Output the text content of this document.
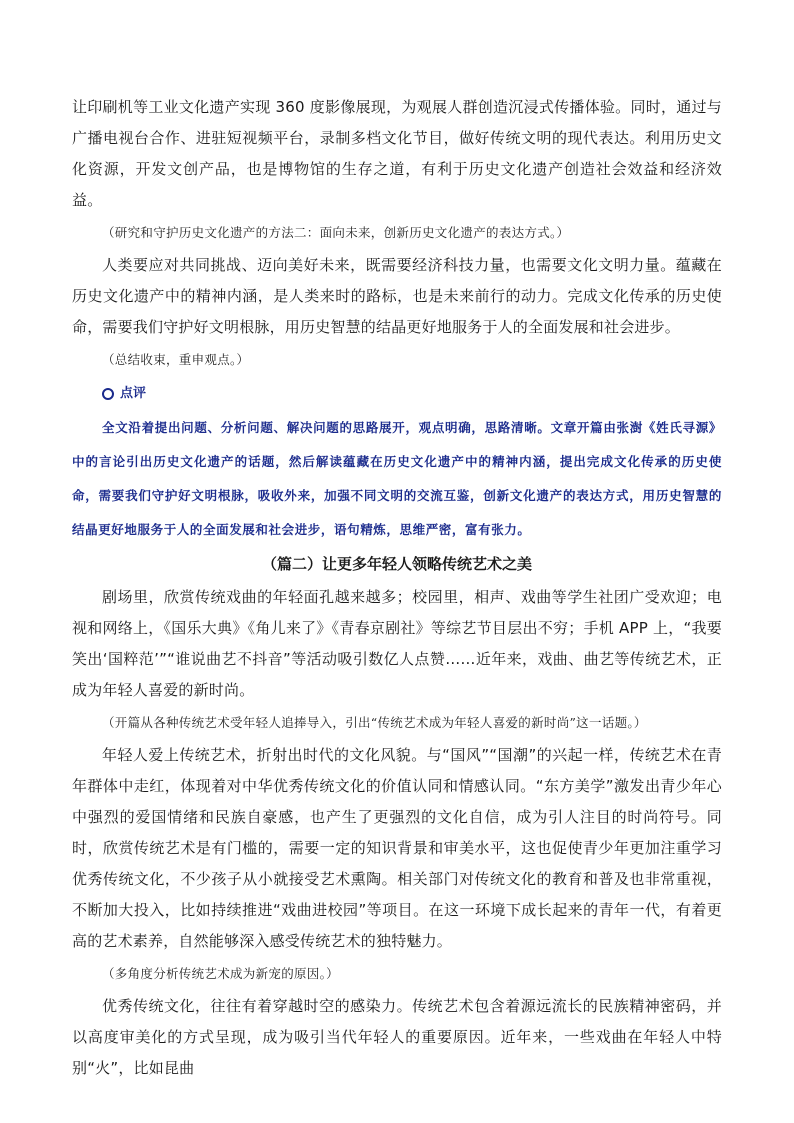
让印刷机等工业文化遗产实现 360 度影像展现，为观展人群创造沉浸式传播体验。同时，通过与广播电视台合作、进驻短视频平台，录制多档文化节目，做好传统文明的现代表达。利用历史文化资源，开发文创产品，也是博物馆的生存之道，有利于历史文化遗产创造社会效益和经济效益。

（研究和守护历史文化遗产的方法二：面向未来，创新历史文化遗产的表达方式。）

人类要应对共同挑战、迈向美好未来，既需要经济科技力量，也需要文化文明力量。蕴藏在历史文化遗产中的精神内涵，是人类来时的路标，也是未来前行的动力。完成文化传承的历史使命，需要我们守护好文明根脉，用历史智慧的结晶更好地服务于人的全面发展和社会进步。

（总结收束，重申观点。）

点评

全文沿着提出问题、分析问题、解决问题的思路展开，观点明确，思路清晰。文章开篇由张澍《姓氏寻源》中的言论引出历史文化遗产的话题，然后解读蕴藏在历史文化遗产中的精神内涵，提出完成文化传承的历史使命，需要我们守护好文明根脉，吸收外来，加强不同文明的交流互鉴，创新文化遗产的表达方式，用历史智慧的结晶更好地服务于人的全面发展和社会进步，语句精炼，思维严密，富有张力。

（篇二）让更多年轻人领略传统艺术之美

剧场里，欣赏传统戏曲的年轻面孔越来越多；校园里，相声、戏曲等学生社团广受欢迎；电视和网络上，《国乐大典》《角儿来了》《青春京剧社》等综艺节目层出不穷；手机 APP 上，“我要笑出‘国粹范’”“谁说曲艺不抖音”等活动吸引数亿人点赞……近年来，戏曲、曲艺等传统艺术，正成为年轻人喜爱的新时尚。

（开篇从各种传统艺术受年轻人追捧导入，引出“传统艺术成为年轻人喜爱的新时尚”这一话题。）

年轻人爱上传统艺术，折射出时代的文化风貌。与“国风”“国潮”的兴起一样，传统艺术在青年群体中走红，体现着对中华优秀传统文化的价值认同和情感认同。“东方美学”激发出青少年心中强烈的爱国情绪和民族自豪感，也产生了更强烈的文化自信，成为引人注目的时尚符号。同时，欣赏传统艺术是有门槛的，需要一定的知识背景和审美水平，这也促使青少年更加注重学习优秀传统文化，不少孩子从小就接受艺术熏陶。相关部门对传统文化的教育和普及也非常重视，不断加大投入，比如持续推进“戏曲进校园”等项目。在这一环境下成长起来的青年一代，有着更高的艺术素养，自然能够深入感受传统艺术的独特魅力。

（多角度分析传统艺术成为新宠的原因。）

优秀传统文化，往往有着穿越时空的感染力。传统艺术包含着源远流长的民族精神密码，并以高度审美化的方式呈现，成为吸引当代年轻人的重要原因。近年来，一些戏曲在年轻人中特别“火”，比如昆曲
